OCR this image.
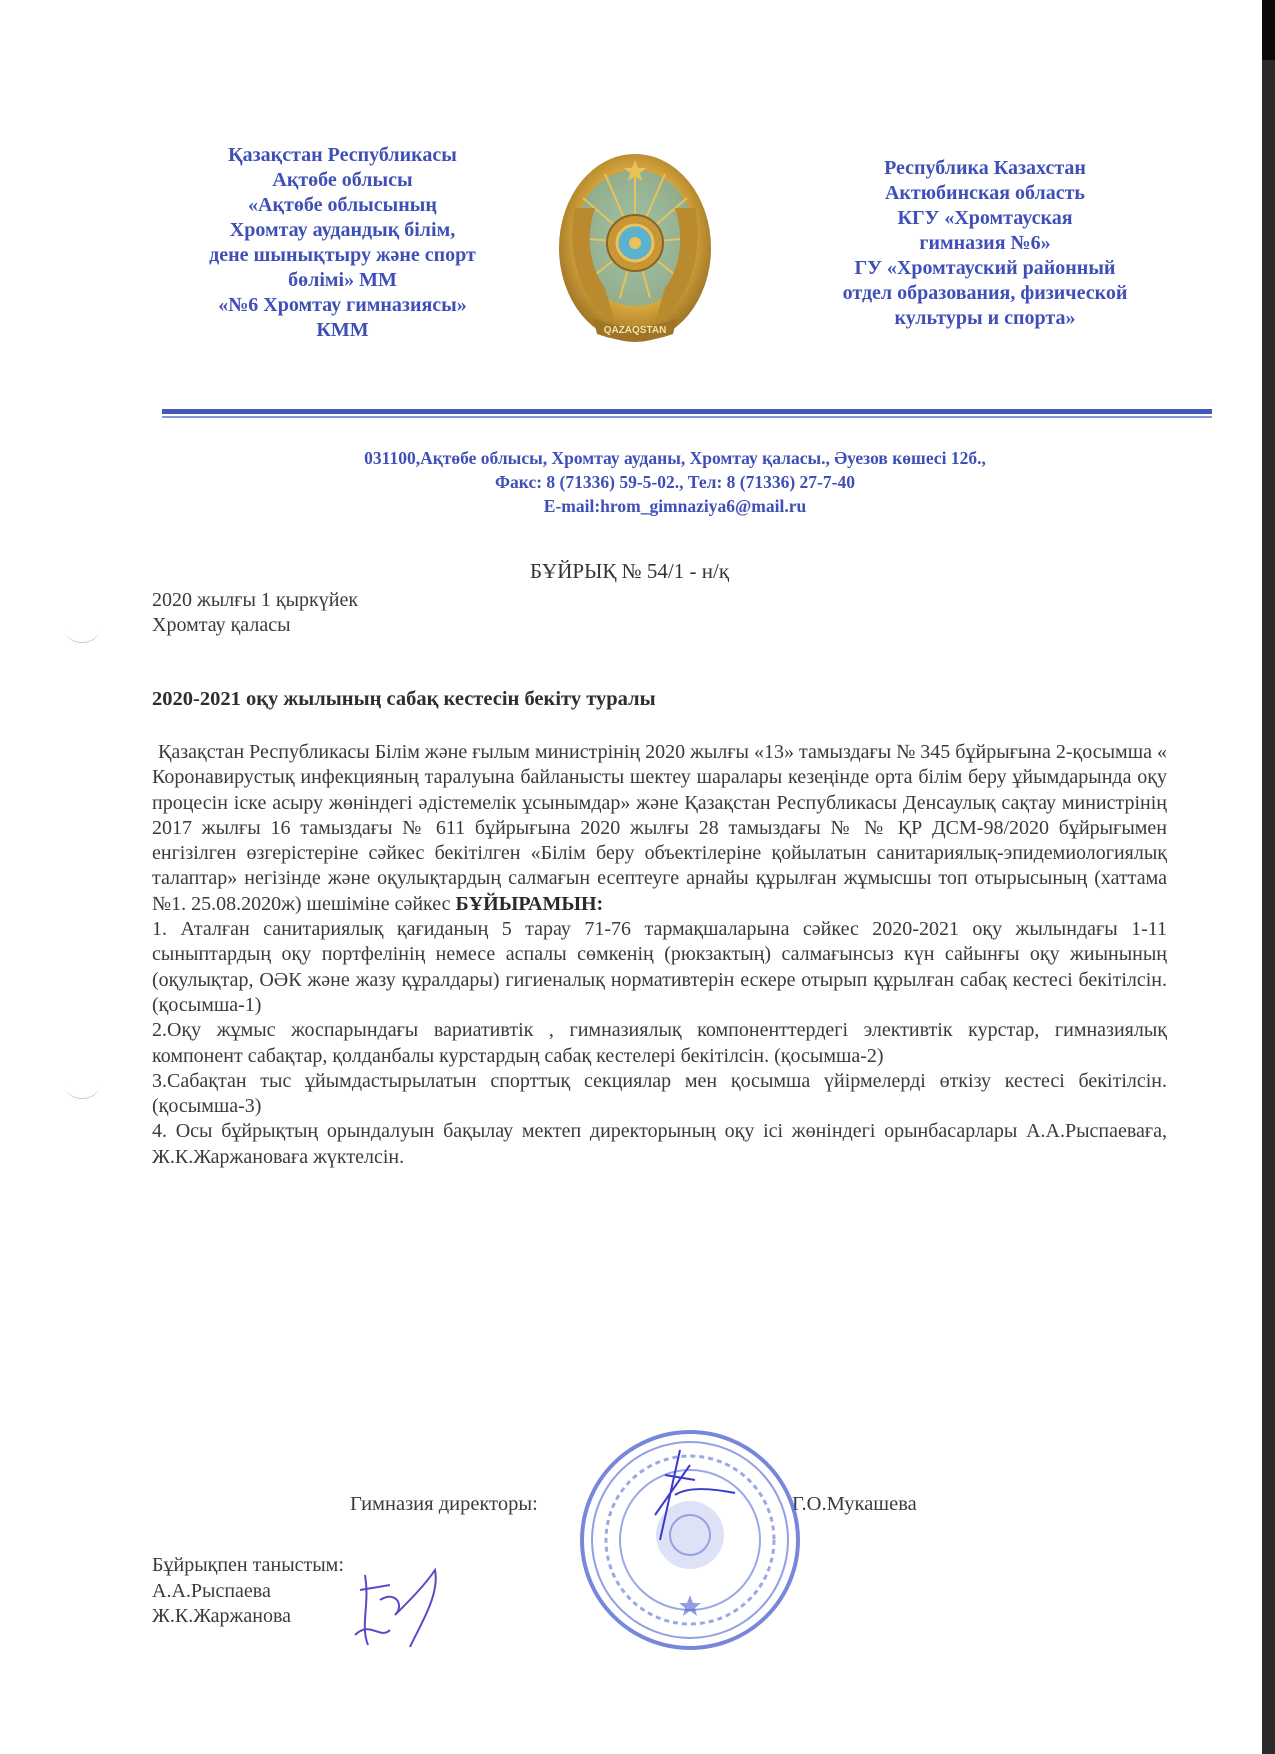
Қазақстан Республикасы
Ақтөбе облысы
«Ақтөбе облысының
Хромтау аудандық білім,
дене шынықтыру және спорт
бөлімі» ММ
«№6 Хромтау гимназиясы»
КММ	QAZAQSTAN
Республика Казахстан
Актюбинская область
КГУ «Хромтауская
гимназия №6»
ГУ «Хромтауский районный
отдел образования, физической
культуры и спорта»
031100,Ақтөбе облысы, Хромтау ауданы, Хромтау қаласы., Әуезов көшесі 12б.,
Факс: 8 (71336) 59-5-02., Тел: 8 (71336) 27-7-40
E-mail:hrom_gimnaziya6@mail.ru
БҰЙРЫҚ № 54/1 - н/қ
2020 жылғы 1 қыркүйек
Хромтау қаласы
2020-2021 оқу жылының сабақ кестесін бекіту туралы

Қазақстан Республикасы Білім және ғылым министрінің 2020 жылғы «13» тамыздағы № 345 бұйрығына 2-қосымша « Коронавирустық инфекцияның таралуына байланысты шектеу шаралары кезеңінде орта білім беру ұйымдарында оқу процесін іске асыру жөніндегі әдістемелік ұсынымдар» және Қазақстан Республикасы Денсаулық сақтау министрінің 2017 жылғы 16 тамыздағы № 611 бұйрығына 2020 жылғы 28 тамыздағы № № ҚР ДСМ-98/2020 бұйрығымен енгізілген өзгерістеріне сәйкес бекітілген «Білім беру объектілеріне қойылатын санитариялық-эпидемиологиялық талаптар» негізінде және оқулықтардың салмағын есептеуге арнайы құрылған жұмысшы топ отырысының (хаттама №1. 25.08.2020ж) шешіміне сәйкес БҰЙЫРАМЫН:

1. Аталған санитариялық қағиданың 5 тарау 71-76 тармақшаларына сәйкес 2020-2021 оқу жылындағы 1-11 сыныптардың оқу портфелінің немесе аспалы сөмкенің (рюкзактың) салмағынсыз күн сайынғы оқу жиынының (оқулықтар, ОӘК және жазу құралдары) гигиеналық нормативтерін ескере отырып құрылған сабақ кестесі бекітілсін.(қосымша-1)

2.Оқу жұмыс жоспарындағы вариативтік , гимназиялық компоненттердегі элективтік курстар, гимназиялық компонент сабақтар, қолданбалы курстардың сабақ кестелері бекітілсін. (қосымша-2)

3.Сабақтан тыс ұйымдастырылатын спорттық секциялар мен қосымша үйірмелерді өткізу кестесі бекітілсін. (қосымша-3)

4. Осы бұйрықтың орындалуын бақылау мектеп директорының оқу ісі жөніндегі орынбасарлары А.А.Рыспаеваға, Ж.К.Жаржановаға жүктелсін.

Гимназия директоры:	Г.О.Мукашева
Бұйрықпен таныстым:
А.А.Рыспаева
Ж.К.Жаржанова
